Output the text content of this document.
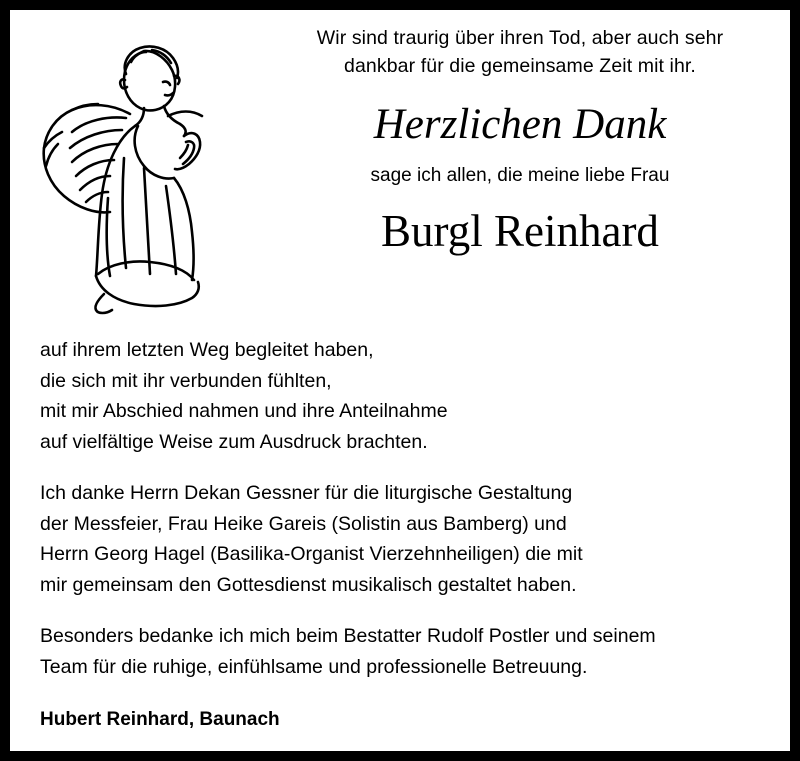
Wir sind traurig über ihren Tod, aber auch sehr
dankbar für die gemeinsame Zeit mit ihr.
Herzlichen Dank
sage ich allen, die meine liebe Frau
Burgl Reinhard

auf ihrem letzten Weg begleitet haben,
die sich mit ihr verbunden fühlten,
mit mir Abschied nahmen und ihre Anteilnahme
auf vielfältige Weise zum Ausdruck brachten.

Ich danke Herrn Dekan Gessner für die liturgische Gestaltung
der Messfeier, Frau Heike Gareis (Solistin aus Bamberg) und
Herrn Georg Hagel (Basilika-Organist Vierzehnheiligen) die mit
mir gemeinsam den Gottesdienst musikalisch gestaltet haben.

Besonders bedanke ich mich beim Bestatter Rudolf Postler und seinem
Team für die ruhige, einfühlsame und professionelle Betreuung.

Hubert Reinhard, Baunach
